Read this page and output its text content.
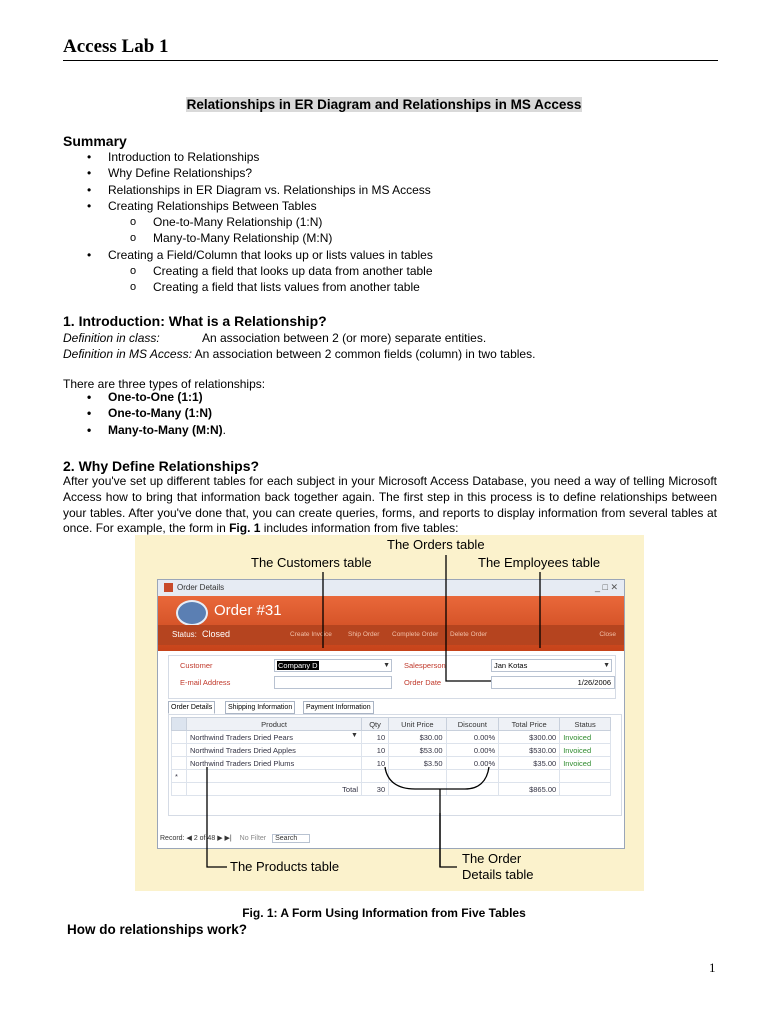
Access Lab 1
Relationships in ER Diagram and Relationships in MS Access
Summary
• Introduction to Relationships
• Why Define Relationships?
• Relationships in ER Diagram vs. Relationships in MS Access
• Creating Relationships Between Tables
o One-to-Many Relationship (1:N)
o Many-to-Many Relationship (M:N)
• Creating a Field/Column that looks up or lists values in tables
o Creating a field that looks up data from another table
o Creating a field that lists values from another table
1. Introduction: What is a Relationship?
Definition in class:	An association between 2 (or more) separate entities.
Definition in MS Access: An association between 2 common fields (column) in two tables.
There are three types of relationships:
• One-to-One (1:1)
• One-to-Many (1:N)
• Many-to-Many (M:N).
2. Why Define Relationships?
After you've set up different tables for each subject in your Microsoft Access Database, you need a way of telling Microsoft Access how to bring that information back together again. The first step in this process is to define relationships between your tables. After you've done that, you can create queries, forms, and reports to display information from several tables at once. For example, the form in Fig. 1 includes information from five tables:
The Orders table
The Customers table	The Employees table
The Products table
The Order
Details table
Order Details	_ □ ✕
Order #31
Status: Closed	Create Invoice Ship Order Complete Order Delete Order	Close
Customer	Company D	▼
E-mail Address
Salesperson	Jan Kotas	▼
Order Date	1/26/2006
Order Details	Shipping Information	Payment Information
	Product	Qty	Unit Price	Discount	Total Price	Status
	Northwind Traders Dried Pears	10	$30.00	0.00%	$300.00	Invoiced
	Northwind Traders Dried Apples	10	$53.00	0.00%	$530.00	Invoiced
	Northwind Traders Dried Plums	10	$3.50	0.00%	$35.00	Invoiced
*						
	Total	30			$865.00	
▼
Record: ◀ 2 of 48 ▶ ▶| No Filter Search
Fig. 1: A Form Using Information from Five Tables
How do relationships work?
1
